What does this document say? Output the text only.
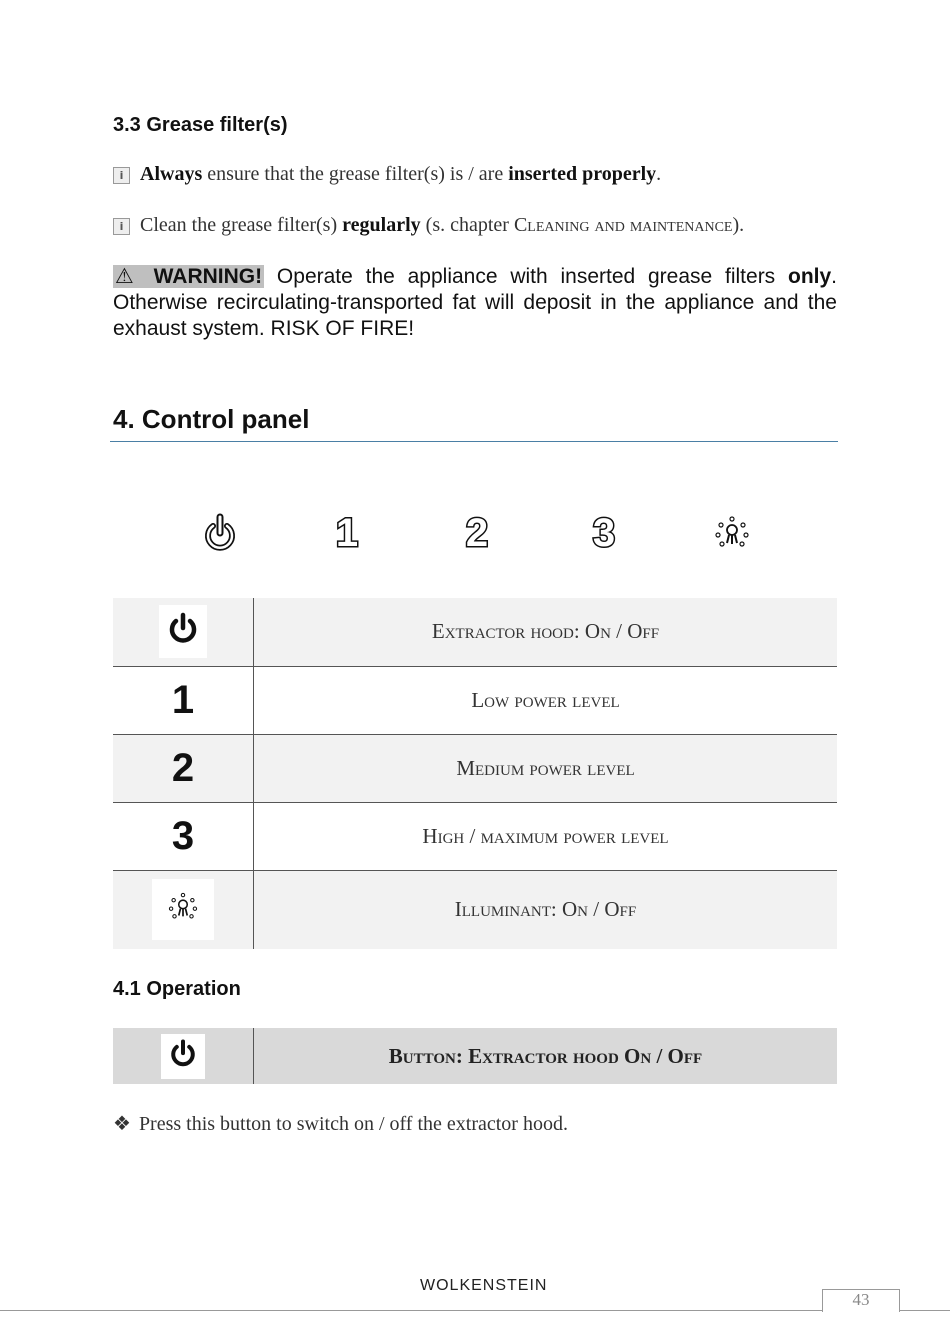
3.3 Grease filter(s)
i Always ensure that the grease filter(s) is / are inserted properly.
i Clean the grease filter(s) regularly (s. chapter Cleaning and maintenance).
⚠ WARNING! Operate the appliance with inserted grease filters only. Otherwise recirculating-transported fat will deposit in the appliance and the exhaust system. RISK OF FIRE!
4. Control panel
1	2	3
	Extractor hood: On / Off
1	Low power level
2	Medium power level
3	High / maximum power level
	Illuminant: On / Off
4.1 Operation
	Button: Extractor hood On / Off
❖ Press this button to switch on / off the extractor hood.
WOLKENSTEIN
43
